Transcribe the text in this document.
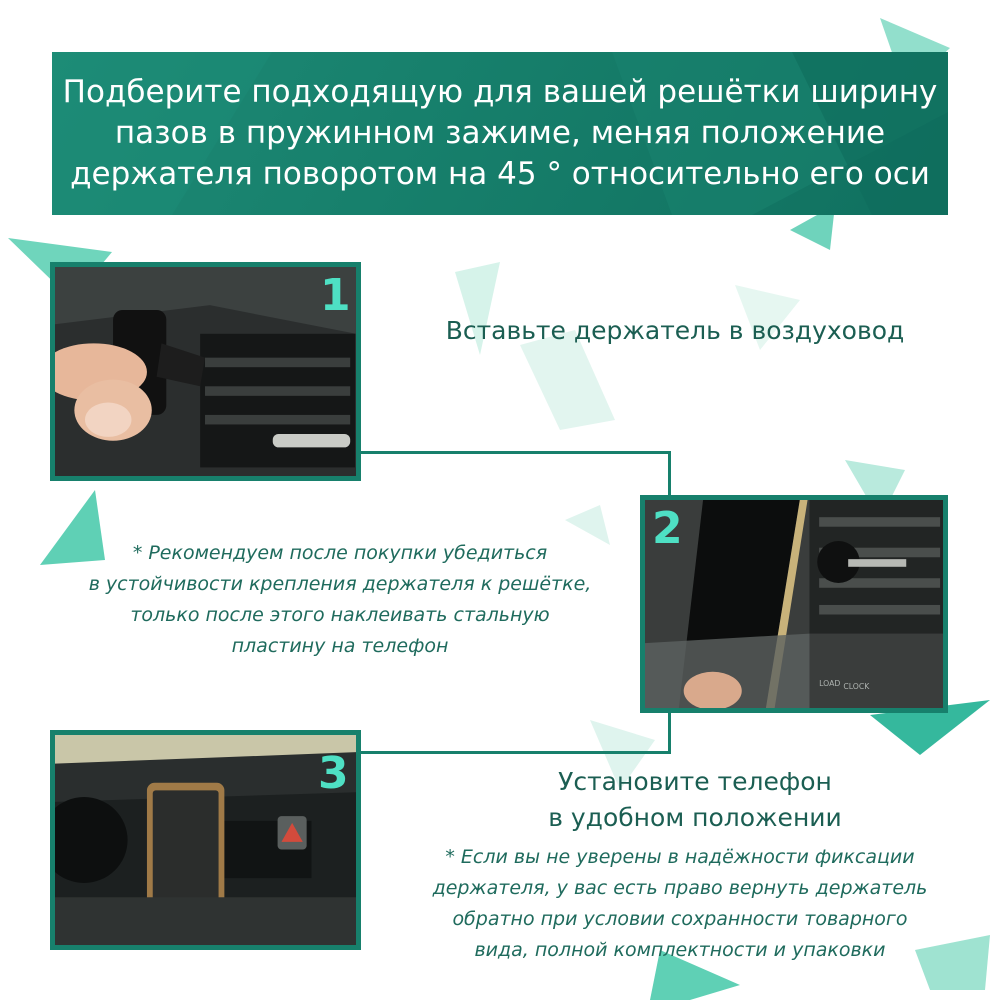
Подберите подходящую для вашей решётки ширину
пазов в пружинном зажиме, меняя положение
держателя поворотом на 45 ° относительно его оси

1
Вставьте держатель в воздуховод
LOAD CLOCK
2
* Рекомендуем после покупки убедиться
в устойчивости крепления держателя к решётке,
только после этого наклеивать стальную
пластину на телефон
3	Установите телефон
в удобном положении
* Если вы не уверены в надёжности фиксации
держателя, у вас есть право вернуть держатель
обратно при условии сохранности товарного
вида, полной комплектности и упаковки
